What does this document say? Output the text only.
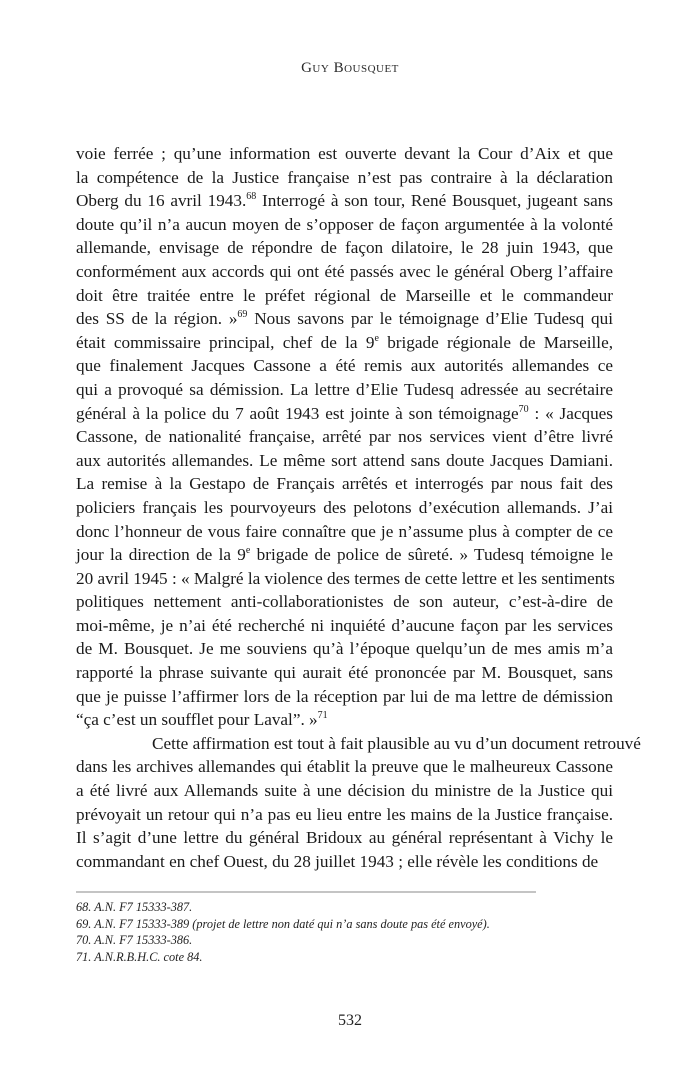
Guy Bousquet

voie ferrée ; qu’une information est ouverte devant la Cour d’Aix et que
la compétence de la Justice française n’est pas contraire à la déclaration
Oberg du 16 avril 1943.68 Interrogé à son tour, René Bousquet, jugeant sans
doute qu’il n’a aucun moyen de s’opposer de façon argumentée à la volonté
allemande, envisage de répondre de façon dilatoire, le 28 juin 1943, que
conformément aux accords qui ont été passés avec le général Oberg l’affaire
doit être traitée entre le préfet régional de Marseille et le commandeur
des SS de la région. »$^{69}$ Nous savons par le témoignage d’Elie Tudesq qui
était commissaire principal, chef de la 9e brigade régionale de Marseille,
que finalement Jacques Cassone a été remis aux autorités allemandes ce
qui a provoqué sa démission. La lettre d’Elie Tudesq adressée au secrétaire
général à la police du 7 août 1943 est jointe à son témoignage$^{70}$ : « Jacques
Cassone, de nationalité française, arrêté par nos services vient d’être livré
aux autorités allemandes. Le même sort attend sans doute Jacques Damiani.
La remise à la Gestapo de Français arrêtés et interrogés par nous fait des
policiers français les pourvoyeurs des pelotons d’exécution allemands. J’ai
donc l’honneur de vous faire connaître que je n’assume plus à compter de ce
jour la direction de la 9e brigade de police de sûreté. » Tudesq témoigne le
20 avril 1945 : « Malgré la violence des termes de cette lettre et les sentiments
politiques nettement anti-collaborationistes de son auteur, c’est-à-dire de
moi-même, je n’ai été recherché ni inquiété d’aucune façon par les services
de M. Bousquet. Je me souviens qu’à l’époque quelqu’un de mes amis m’a
rapporté la phrase suivante qui aurait été prononcée par M. Bousquet, sans
que je puisse l’affirmer lors de la réception par lui de ma lettre de démission
“ça c’est un soufflet pour Laval”. »$^{71}$

Cette affirmation est tout à fait plausible au vu d’un document retrouvé
dans les archives allemandes qui établit la preuve que le malheureux Cassone
a été livré aux Allemands suite à une décision du ministre de la Justice qui
prévoyait un retour qui n’a pas eu lieu entre les mains de la Justice française.
Il s’agit d’une lettre du général Bridoux au général représentant à Vichy le
commandant en chef Ouest, du 28 juillet 1943 ; elle révèle les conditions de

68. A.N. F7 15333-387.
69. A.N. F7 15333-389 (projet de lettre non daté qui n’a sans doute pas été envoyé).
70. A.N. F7 15333-386.
71. A.N.R.B.H.C. cote 84.
532
